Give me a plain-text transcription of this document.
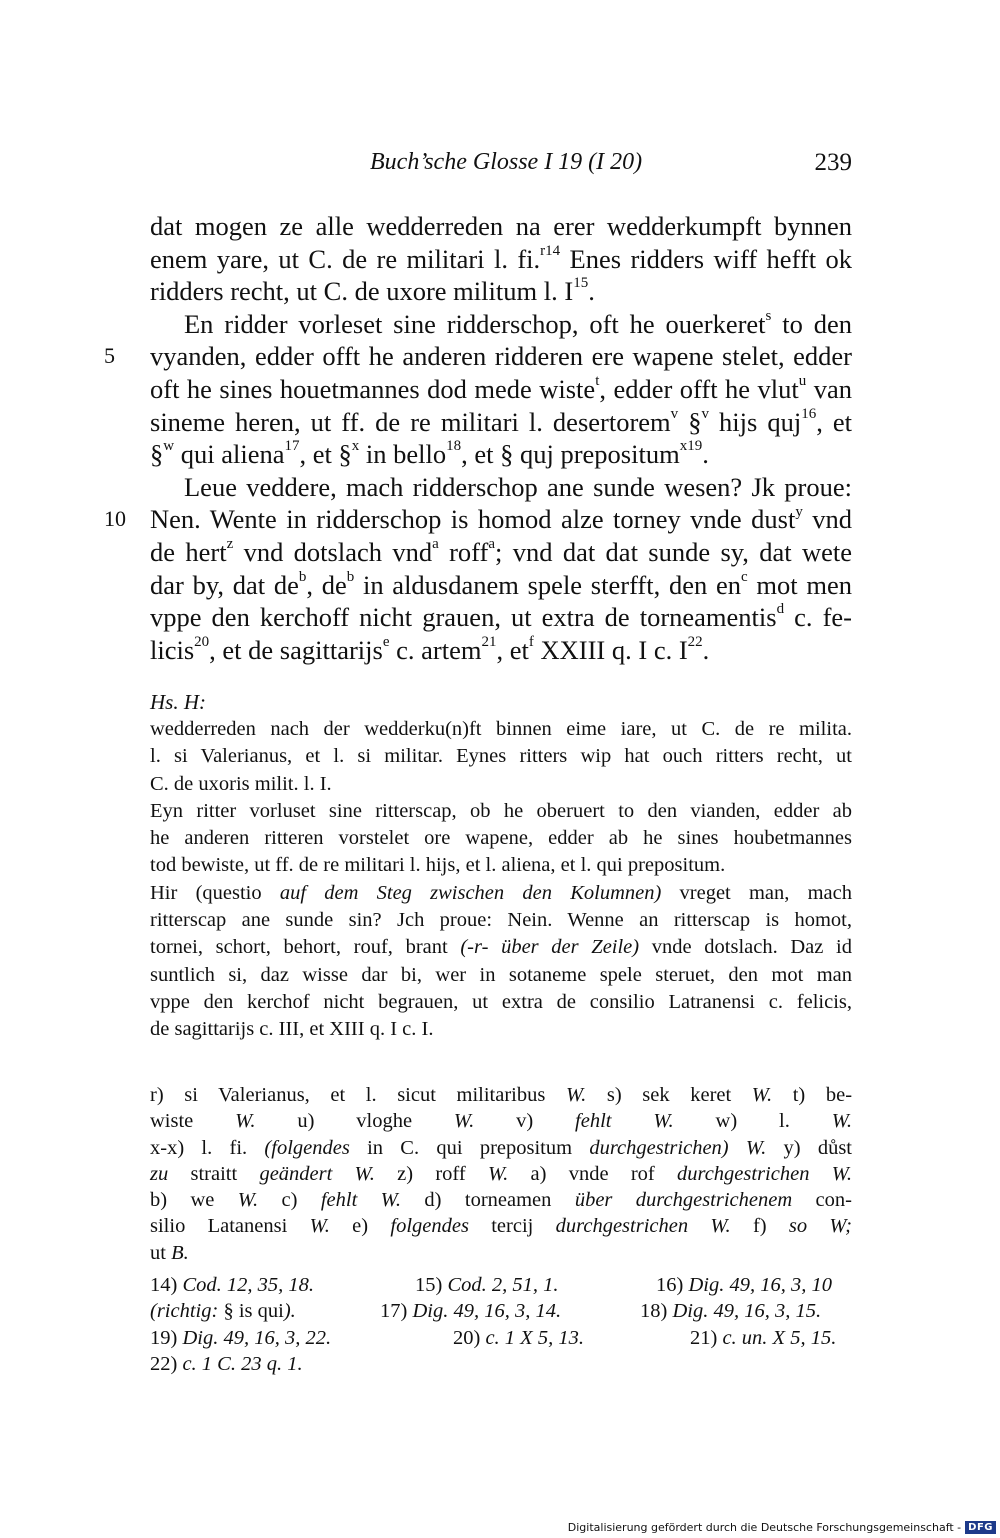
Buch’sche Glosse I 19 (I 20)	239
dat mogen ze alle wedderreden na erer wedderkumpft bynnen
enem yare, ut C. de re militari l. fi.$^{r14}$ Enes ridders wiff hefft ok
ridders recht, ut C. de uxore militum l. $I^{15}$.
En ridder vorleset sine ridderschop, oft he ouerkeret$^s$ to den
5 vyanden, edder offt he anderen ridderen ere wapene stelet, edder
oft he sines houetmannes dod mede wiste$^t$, edder offt he vlut$^u$ van
sineme heren, ut ff. de re militari l. desertorem$^v$ §$^v$ hijs quj$^{16}$, et
§$^w$ qui aliena$^{17}$, et §$^x$ in bello$^{18}$, et § quj prepositum$^{x19}$.
Leue veddere, mach ridderschop ane sunde wesen? Jk proue:
10 Nen. Wente in ridderschop is homod alze torney vnde dust$^y$ vnd
de hert$^z$ vnd dotslach vnd$^a$ roff$^a$; vnd dat dat sunde sy, dat wete
dar by, dat $de^b$, $de^b$ in aldusdanem spele sterfft, den $en^c$ mot men
vppe den kerchoff nicht grauen, ut extra de torneamentis$^d$ c. fe-
licis$^{20}$, et de sagittarijs$^e$ c. artem$^{21}$, $et^f$ XXIII q. I c. $I^{22}$.
Hs. H:
wedderreden nach der wedderku(n)ft binnen eime iare, ut C. de re milita.
l. si Valerianus, et l. si militar. Eynes ritters wip hat ouch ritters recht, ut
C. de uxoris milit. l. I.
Eyn ritter vorluset sine ritterscap, ob he oberuert to den vianden, edder ab
he anderen ritteren vorstelet ore wapene, edder ab he sines houbetmannes
tod bewiste, ut ff. de re militari l. hijs, et l. aliena, et l. qui prepositum.
Hir (questio auf dem Steg zwischen den Kolumnen) vreget man, mach
ritterscap ane sunde sin? Jch proue: Nein. Wenne an ritterscap is homot,
tornei, schort, behort, rouf, brant (-r- über der Zeile) vnde dotslach. Daz id
suntlich si, daz wisse dar bi, wer in sotaneme spele steruet, den mot man
vppe den kerchof nicht begrauen, ut extra de consilio Latranensi c. felicis,
de sagittarijs c. III, et XIII q. I c. I.
r) si Valerianus, et l. sicut militaribus W. s) sek keret W. t) be-
wiste W. u) vloghe W. v) fehlt W. w) l. W.
x-x) l. fi. (folgendes in C. qui prepositum durchgestrichen) W. y) důst
zu straitt geändert W. z) roff W. a) vnde rof durchgestrichen W.
b) we W. c) fehlt W. d) torneamen über durchgestrichenem con-
silio Latanensi W. e) folgendes tercij durchgestrichen W. f) so W;
ut B.
14) Cod. 12, 35, 18.	15) Cod. 2, 51, 1.	16) Dig. 49, 16, 3, 10
(richtig: § is qui).	17) Dig. 49, 16, 3, 14.	18) Dig. 49, 16, 3, 15.
19) Dig. 49, 16, 3, 22.	20) c. 1 X 5, 13.	21) c. un. X 5, 15.
22) c. 1 C. 23 q. 1.
Digitalisierung gefördert durch die Deutsche Forschungsgemeinschaft - DFG
